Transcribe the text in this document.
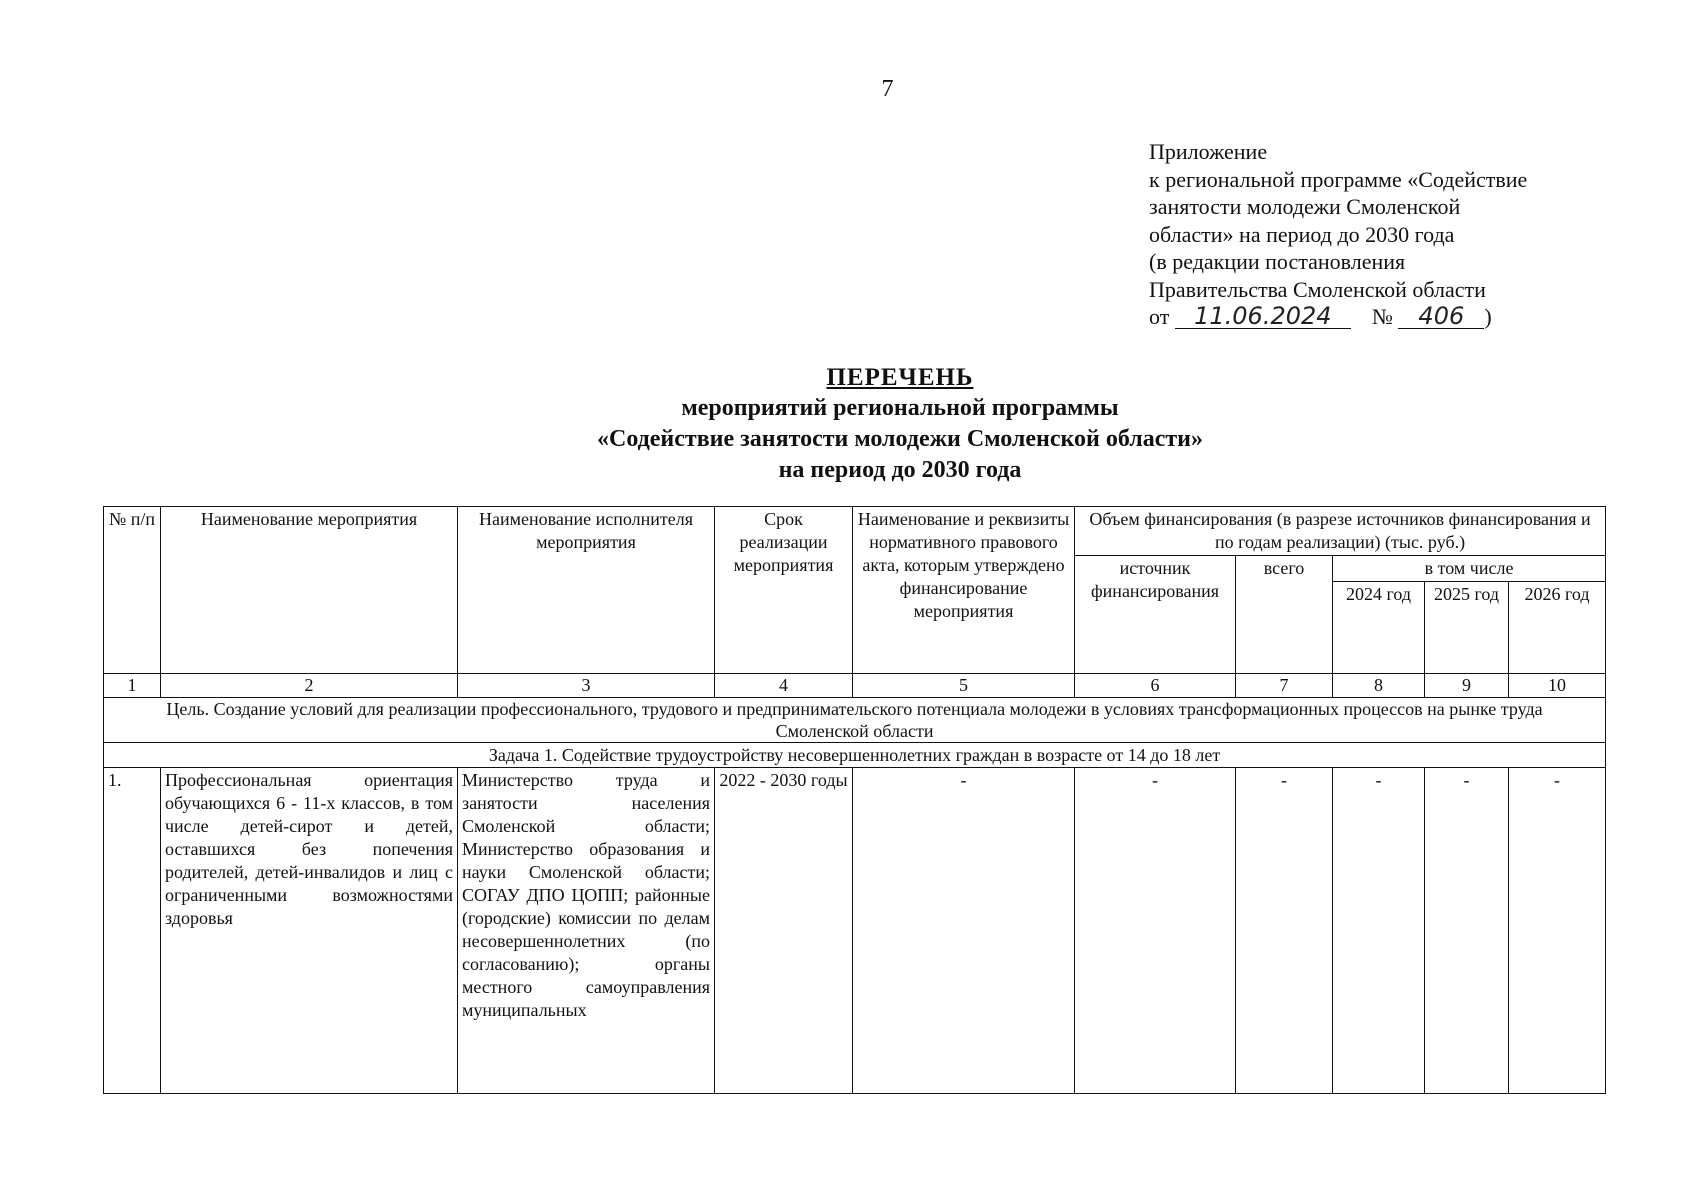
7
Приложение
к региональной программе «Содействие
занятости молодежи Смоленской
области» на период до 2030 года
(в редакции постановления
Правительства Смоленской области
от 11.06.2024 № 406 )
ПЕРЕЧЕНЬ
мероприятий региональной программы
«Содействие занятости молодежи Смоленской области»
на период до 2030 года
№ п/п	Наименование мероприятия	Наименование исполнителя мероприятия	Срок реализации мероприятия	Наименование и реквизиты нормативного правового акта, которым утверждено финансирование мероприятия	Объем финансирования (в разрезе источников финансирования и по годам реализации) (тыс. руб.)				
					источник финансирования	всего	в том числе		
							2024 год	2025 год	2026 год
1	2	3	4	5	6	7	8	9	10
Цель. Создание условий для реализации профессионального, трудового и предпринимательского потенциала молодежи в условиях трансформационных процессов на рынке труда Смоленской области									
Задача 1. Содействие трудоустройству несовершеннолетних граждан в возрасте от 14 до 18 лет									
1.	Профессиональная ориентация обучающихся 6 - 11-х классов, в том числе детей-сирот и детей, оставшихся без попечения родителей, детей-инвалидов и лиц с ограниченными возможностями здоровья	Министерство труда и занятости населения Смоленской области; Министерство образования и науки Смоленской области; СОГАУ ДПО ЦОПП; районные (городские) комиссии по делам несовершеннолетних (по согласованию); органы местного самоуправления муниципальных	2022 - 2030 годы	-	-	-	-	-	-
